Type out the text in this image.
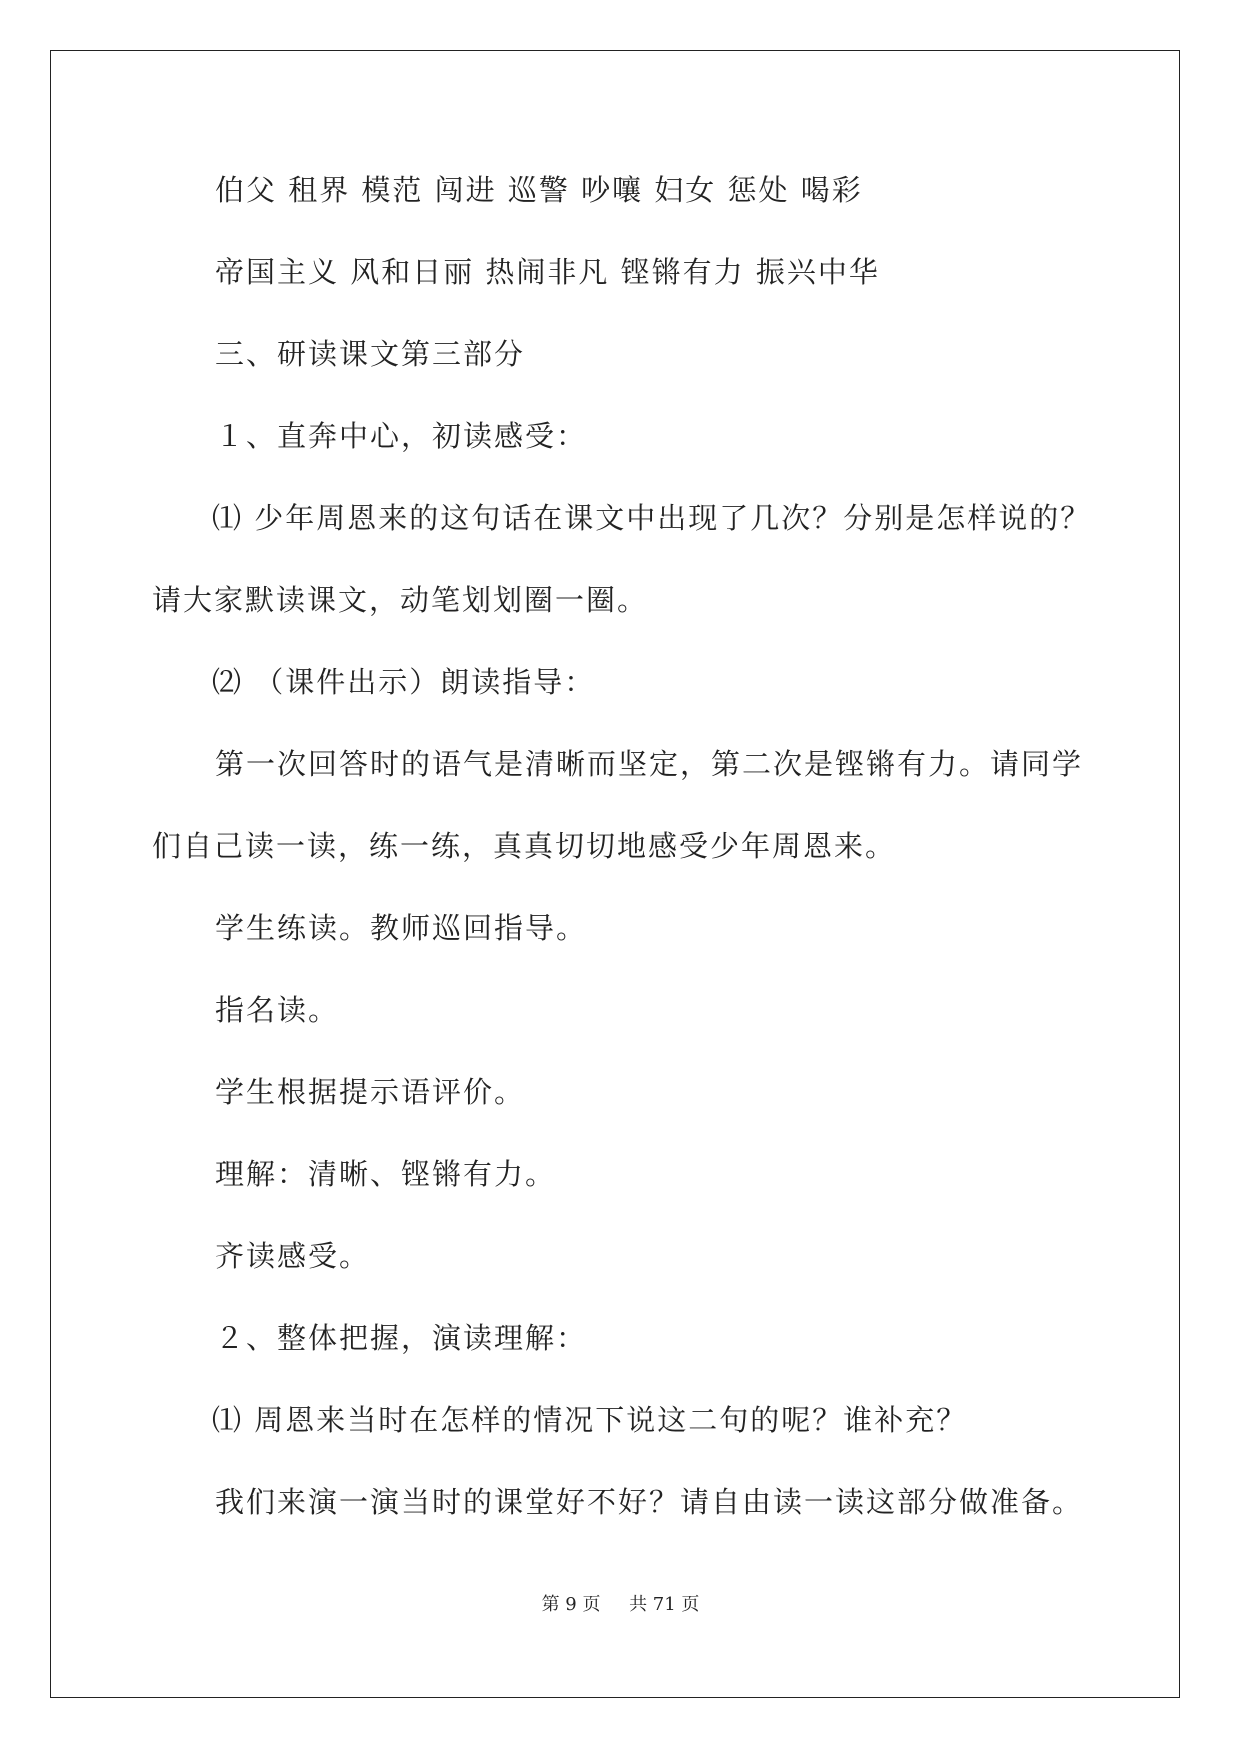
伯父 租界 模范 闯进 巡警 吵嚷 妇女 惩处 喝彩
帝国主义 风和日丽 热闹非凡 铿锵有力 振兴中华
三、研读课文第三部分
１、直奔中心，初读感受：
⑴ 少年周恩来的这句话在课文中出现了几次？分别是怎样说的？
请大家默读课文，动笔划划圈一圈。
⑵ （课件出示）朗读指导：
第一次回答时的语气是清晰而坚定，第二次是铿锵有力。请同学
们自己读一读，练一练，真真切切地感受少年周恩来。
学生练读。教师巡回指导。
指名读。
学生根据提示语评价。
理解：清晰、铿锵有力。
齐读感受。
２、整体把握，演读理解：
⑴ 周恩来当时在怎样的情况下说这二句的呢？谁补充？
我们来演一演当时的课堂好不好？请自由读一读这部分做准备。
第 9 页 共 71 页
